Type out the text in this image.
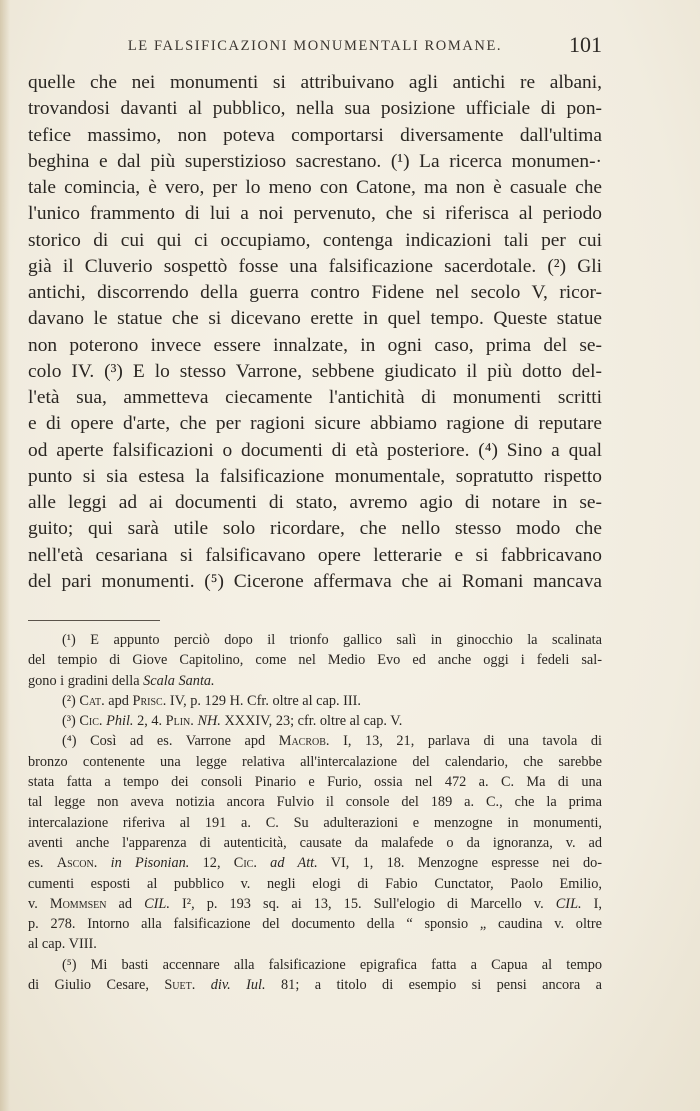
LE FALSIFICAZIONI MONUMENTALI ROMANE.	101
quelle che nei monumenti si attribuivano agli antichi re albani,
trovandosi davanti al pubblico, nella sua posizione ufficiale di pon-
tefice massimo, non poteva comportarsi diversamente dall'ultima
beghina e dal più superstizioso sacrestano. (¹) La ricerca monumen-·
tale comincia, è vero, per lo meno con Catone, ma non è casuale che
l'unico frammento di lui a noi pervenuto, che si riferisca al periodo
storico di cui qui ci occupiamo, contenga indicazioni tali per cui
già il Cluverio sospettò fosse una falsificazione sacerdotale. (²) Gli
antichi, discorrendo della guerra contro Fidene nel secolo V, ricor-
davano le statue che si dicevano erette in quel tempo. Queste statue
non poterono invece essere innalzate, in ogni caso, prima del se-
colo IV. (³) E lo stesso Varrone, sebbene giudicato il più dotto del-
l'età sua, ammetteva ciecamente l'antichità di monumenti scritti
e di opere d'arte, che per ragioni sicure abbiamo ragione di reputare
od aperte falsificazioni o documenti di età posteriore. (⁴) Sino a qual
punto si sia estesa la falsificazione monumentale, sopratutto rispetto
alle leggi ad ai documenti di stato, avremo agio di notare in se-
guito; qui sarà utile solo ricordare, che nello stesso modo che
nell'età cesariana si falsificavano opere letterarie e si fabbricavano
del pari monumenti. (⁵) Cicerone affermava che ai Romani mancava
(¹) E appunto perciò dopo il trionfo gallico salì in ginocchio la scalinata
del tempio di Giove Capitolino, come nel Medio Evo ed anche oggi i fedeli sal-
gono i gradini della Scala Santa.
(²) Cat. apd Prisc. IV, p. 129 H. Cfr. oltre al cap. III.
(³) Cic. Phil. 2, 4. Plin. NH. XXXIV, 23; cfr. oltre al cap. V.
(⁴) Così ad es. Varrone apd Macrob. I, 13, 21, parlava di una tavola di
bronzo contenente una legge relativa all'intercalazione del calendario, che sarebbe
stata fatta a tempo dei consoli Pinario e Furio, ossia nel 472 a. C. Ma di una
tal legge non aveva notizia ancora Fulvio il console del 189 a. C., che la prima
intercalazione riferiva al 191 a. C. Su adulterazioni e menzogne in monumenti,
aventi anche l'apparenza di autenticità, causate da malafede o da ignoranza, v. ad
es. Ascon. in Pisonian. 12, Cic. ad Att. VI, 1, 18. Menzogne espresse nei do-
cumenti esposti al pubblico v. negli elogi di Fabio Cunctator, Paolo Emilio,
v. Mommsen ad CIL. I², p. 193 sq. ai 13, 15. Sull'elogio di Marcello v. CIL. I,
p. 278. Intorno alla falsificazione del documento della “ sponsio „ caudina v. oltre
al cap. VIII.
(⁵) Mi basti accennare alla falsificazione epigrafica fatta a Capua al tempo
di Giulio Cesare, Suet. div. Iul. 81; a titolo di esempio si pensi ancora a
